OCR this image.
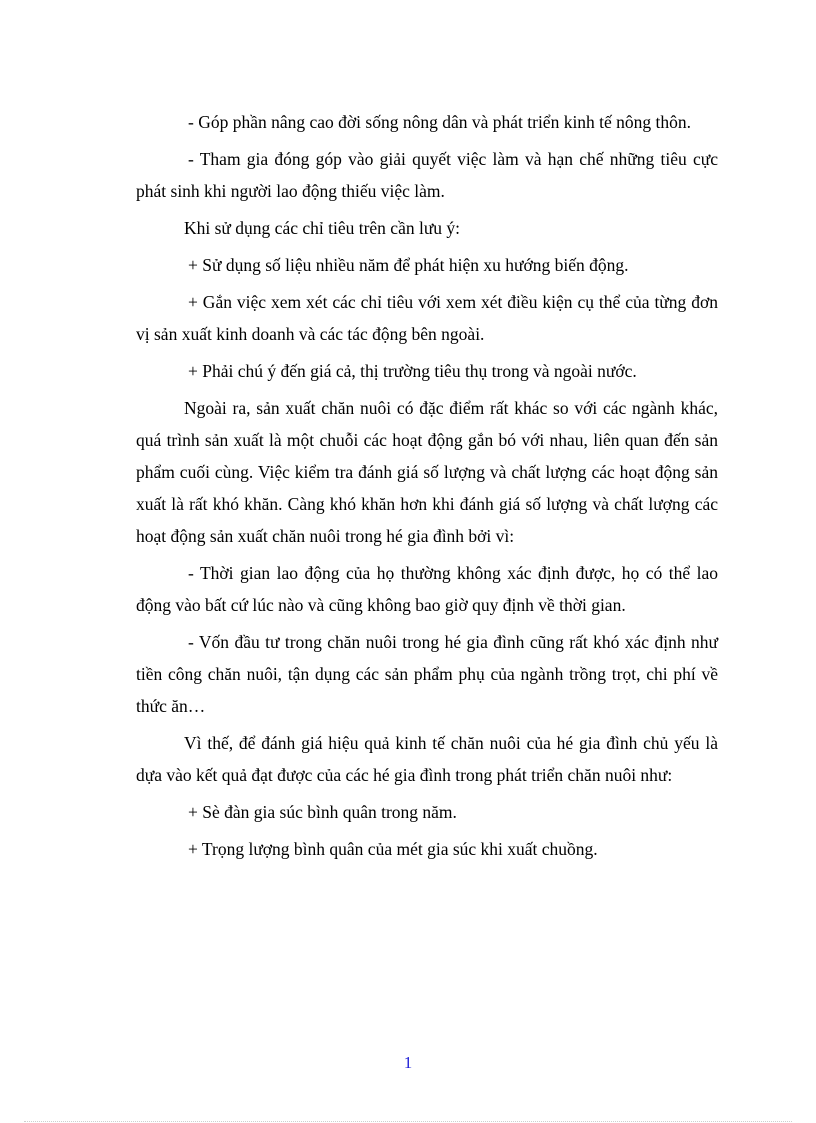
- Góp phần nâng cao đời sống nông dân và phát triển kinh tế nông thôn.

- Tham gia đóng góp vào giải quyết việc làm và hạn chế những tiêu cực phát sinh khi người lao động thiếu việc làm.

Khi sử dụng các chỉ tiêu trên cần lưu ý:

+ Sử dụng số liệu nhiều năm để phát hiện xu hướng biến động.

+ Gắn việc xem xét các chỉ tiêu với xem xét điều kiện cụ thể của từng đơn vị sản xuất kinh doanh và các tác động bên ngoài.

+ Phải chú ý đến giá cả, thị trường tiêu thụ trong và ngoài nước.

Ngoài ra, sản xuất chăn nuôi có đặc điểm rất khác so với các ngành khác, quá trình sản xuất là một chuỗi các hoạt động gắn bó với nhau, liên quan đến sản phẩm cuối cùng. Việc kiểm tra đánh giá số lượng và chất lượng các hoạt động sản xuất là rất khó khăn. Càng khó khăn hơn khi đánh giá số lượng và chất lượng các hoạt động sản xuất chăn nuôi trong hé gia đình bởi vì:

- Thời gian lao động của họ thường không xác định được, họ có thể lao động vào bất cứ lúc nào và cũng không bao giờ quy định về thời gian.

- Vốn đầu tư trong chăn nuôi trong hé gia đình cũng rất khó xác định như tiền công chăn nuôi, tận dụng các sản phẩm phụ của ngành trồng trọt, chi phí về thức ăn…

Vì thế, để đánh giá hiệu quả kinh tế chăn nuôi của hé gia đình chủ yếu là dựa vào kết quả đạt được của các hé gia đình trong phát triển chăn nuôi như:

+ Sè đàn gia súc bình quân trong năm.

+ Trọng lượng bình quân của mét gia súc khi xuất chuồng.

1
